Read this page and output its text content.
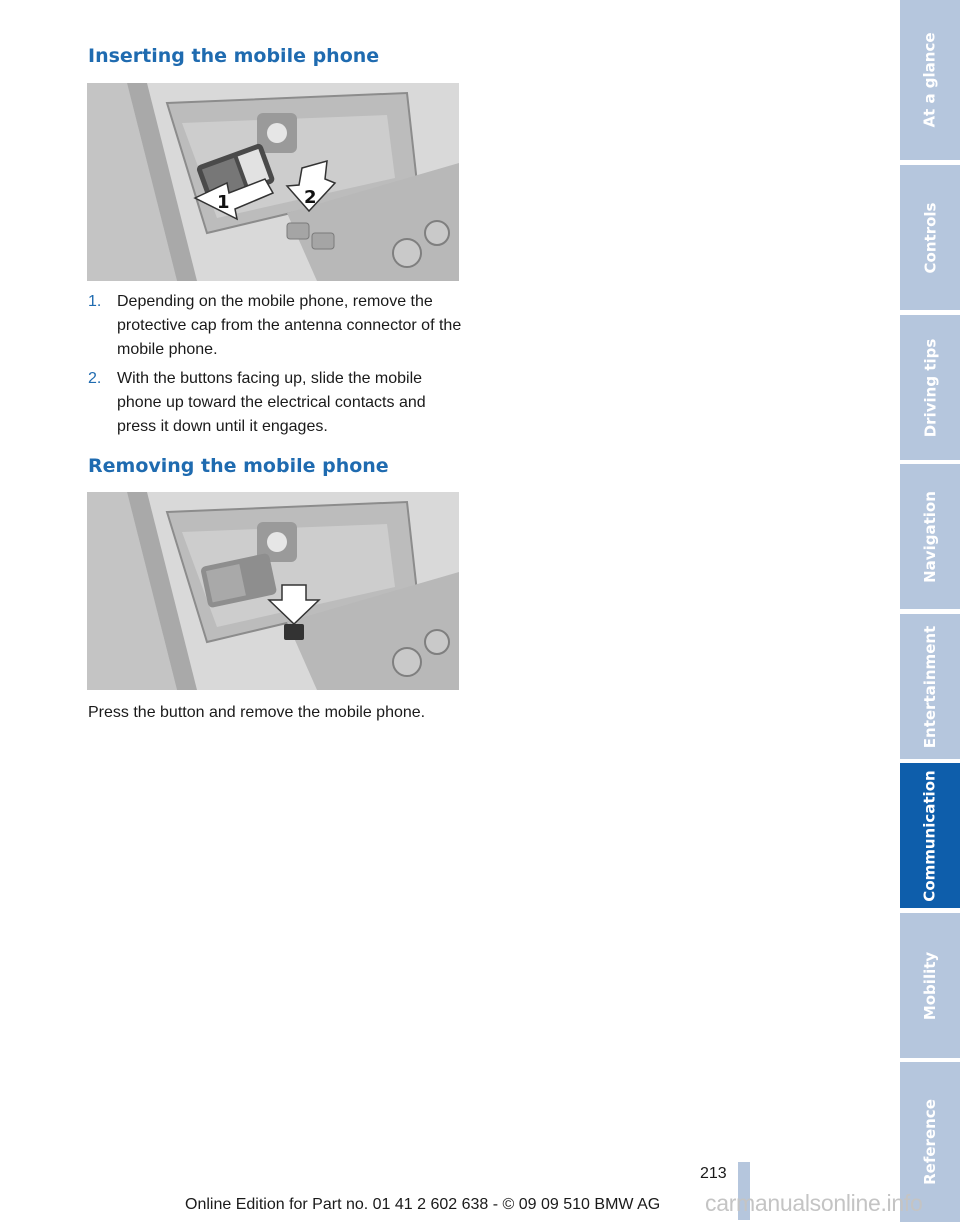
Inserting the mobile phone
1	2
1. Depending on the mobile phone, remove the protective cap from the antenna connector of the mobile phone.
2. With the buttons facing up, slide the mobile phone up toward the electrical contacts and press it down until it engages.
Removing the mobile phone

Press the button and remove the mobile phone.

At a glance
Controls
Driving tips
Navigation
Entertainment
Communication
Mobility
Reference
213
Online Edition for Part no. 01 41 2 602 638 - © 09 09 510 BMW AG carmanualsonline.info
